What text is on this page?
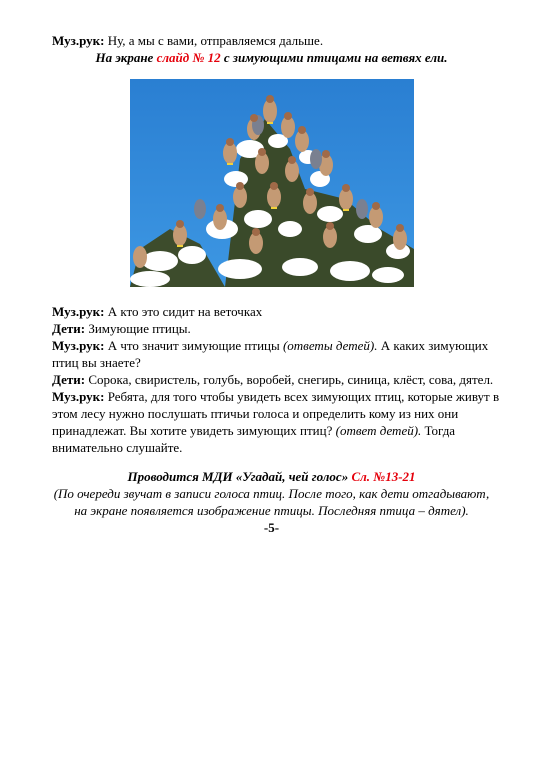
Муз.рук: Ну, а мы с вами, отправляемся дальше.
На экране слайд № 12 с зимующими птицами на ветвях ели.
Муз.рук: А кто это сидит на веточках
Дети: Зимующие птицы.
Муз.рук: А что значит зимующие птицы (ответы детей). А каких зимующих
птиц вы знаете?
Дети: Сорока, свиристель, голубь, воробей, снегирь, синица, клёст, сова, дятел.
Муз.рук: Ребята, для того чтобы увидеть всех зимующих птиц, которые живут в
этом лесу нужно послушать птичьи голоса и определить кому из них они
принадлежат. Вы хотите увидеть зимующих птиц? (ответ детей). Тогда
внимательно слушайте.
Проводится МДИ «Угадай, чей голос» Сл. №13-21
(По очереди звучат в записи голоса птиц. После того, как дети отгадывают,
на экране появляется изображение птицы. Последняя птица – дятел).
-5-
